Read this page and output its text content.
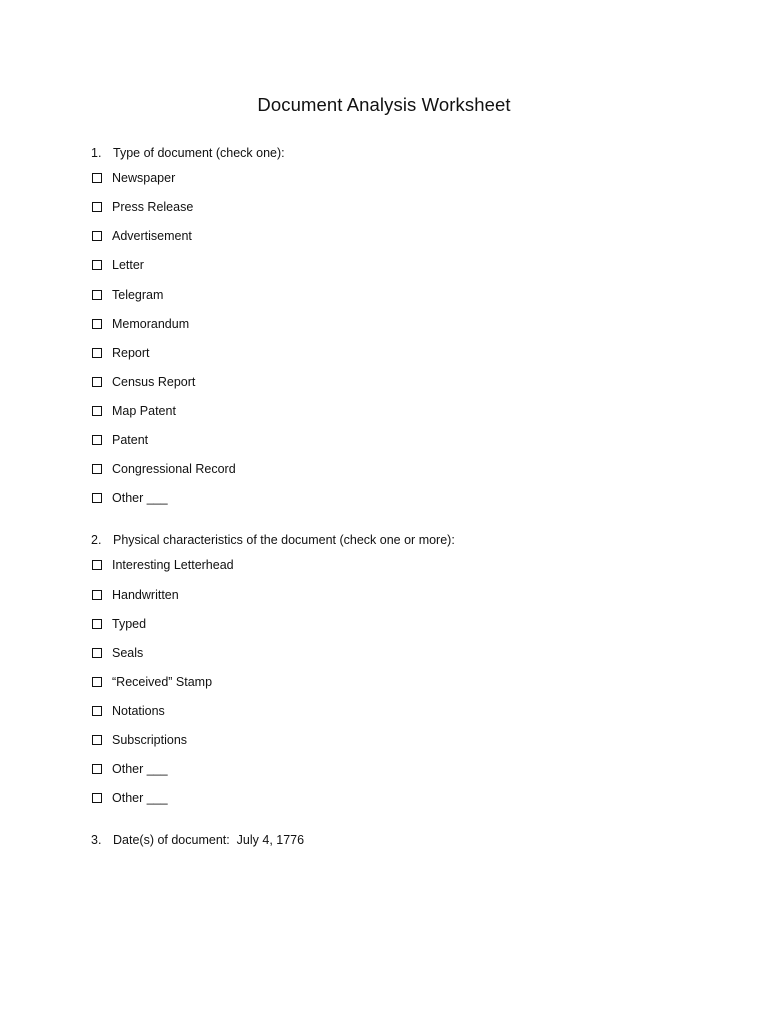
Document Analysis Worksheet
1. Type of document (check one):
Newspaper
Press Release
Advertisement
Letter
Telegram
Memorandum
Report
Census Report
Map Patent
Patent
Congressional Record
Other ___
2. Physical characteristics of the document (check one or more):
Interesting Letterhead
Handwritten
Typed
Seals
“Received” Stamp
Notations
Subscriptions
Other ___
Other ___
3. Date(s) of document:  July 4, 1776
